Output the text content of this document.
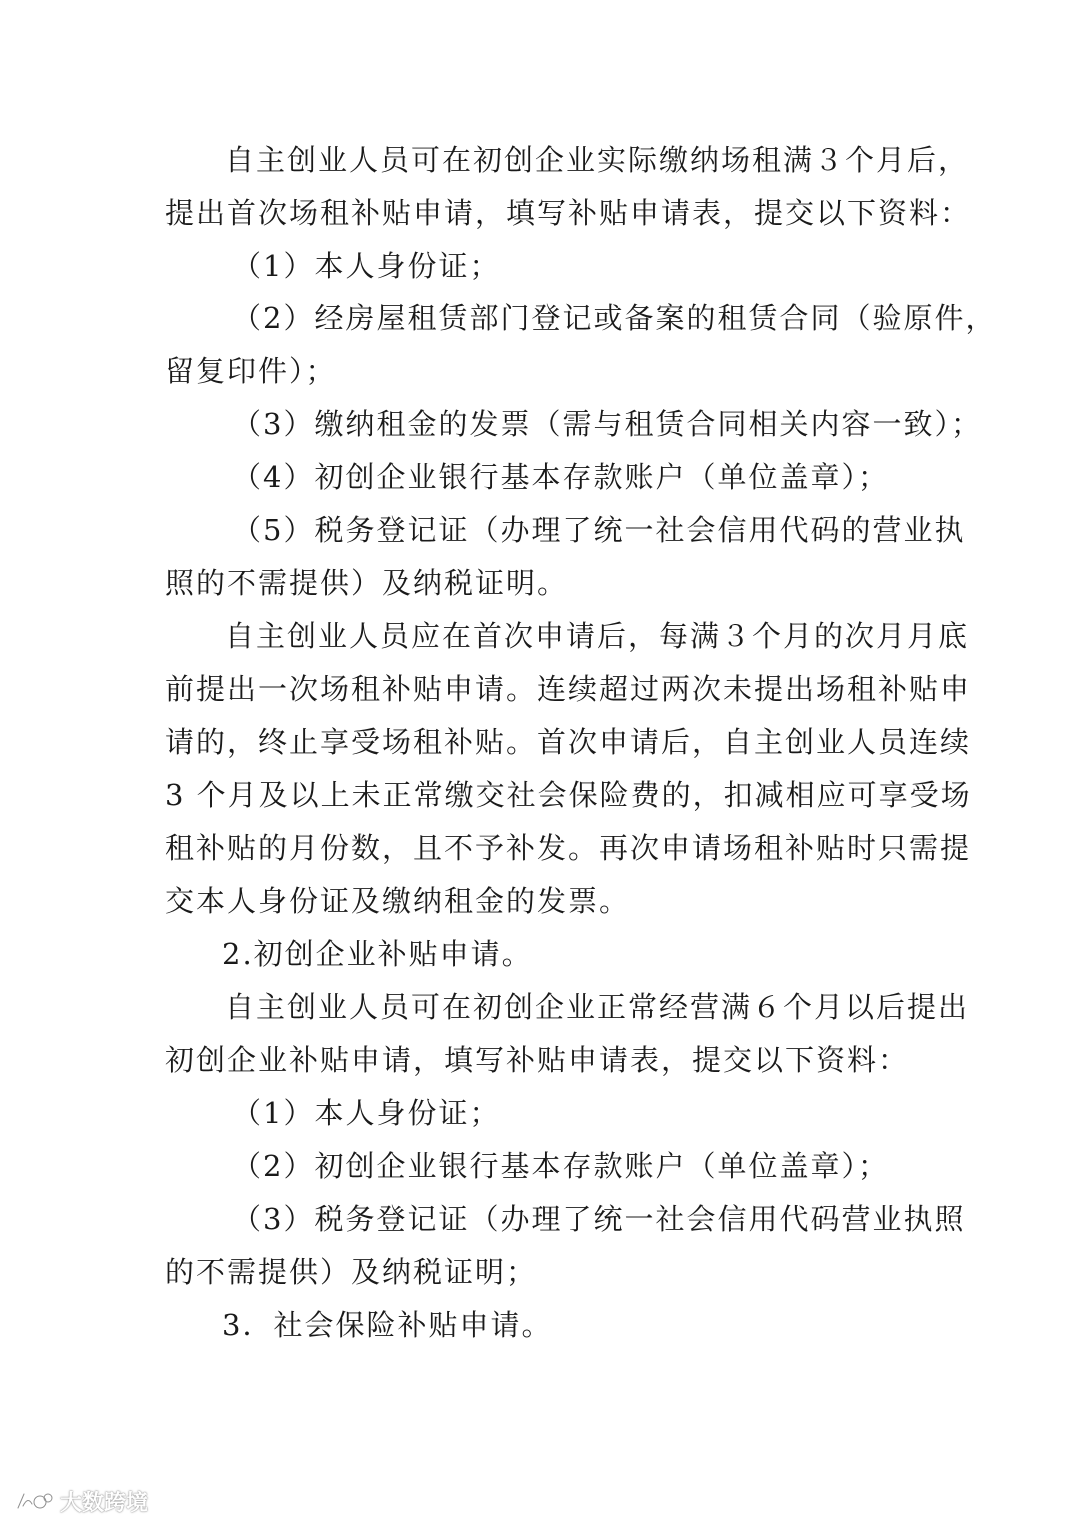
自主创业人员可在初创企业实际缴纳场租满３个月后，
提出首次场租补贴申请，填写补贴申请表，提交以下资料：
（1）本人身份证；
（2）经房屋租赁部门登记或备案的租赁合同（验原件，
留复印件）；
（3）缴纳租金的发票（需与租赁合同相关内容一致）；
（4）初创企业银行基本存款账户（单位盖章）；
（5）税务登记证（办理了统一社会信用代码的营业执
照的不需提供）及纳税证明。
自主创业人员应在首次申请后，每满３个月的次月月底
前提出一次场租补贴申请。连续超过两次未提出场租补贴申
请的，终止享受场租补贴。首次申请后，自主创业人员连续
3 个月及以上未正常缴交社会保险费的，扣减相应可享受场
租补贴的月份数，且不予补发。再次申请场租补贴时只需提
交本人身份证及缴纳租金的发票。
2.初创企业补贴申请。
自主创业人员可在初创企业正常经营满６个月以后提出
初创企业补贴申请，填写补贴申请表，提交以下资料：
（1）本人身份证；
（2）初创企业银行基本存款账户（单位盖章）；
（3）税务登记证（办理了统一社会信用代码营业执照
的不需提供）及纳税证明；
3．社会保险补贴申请。
大数跨境
